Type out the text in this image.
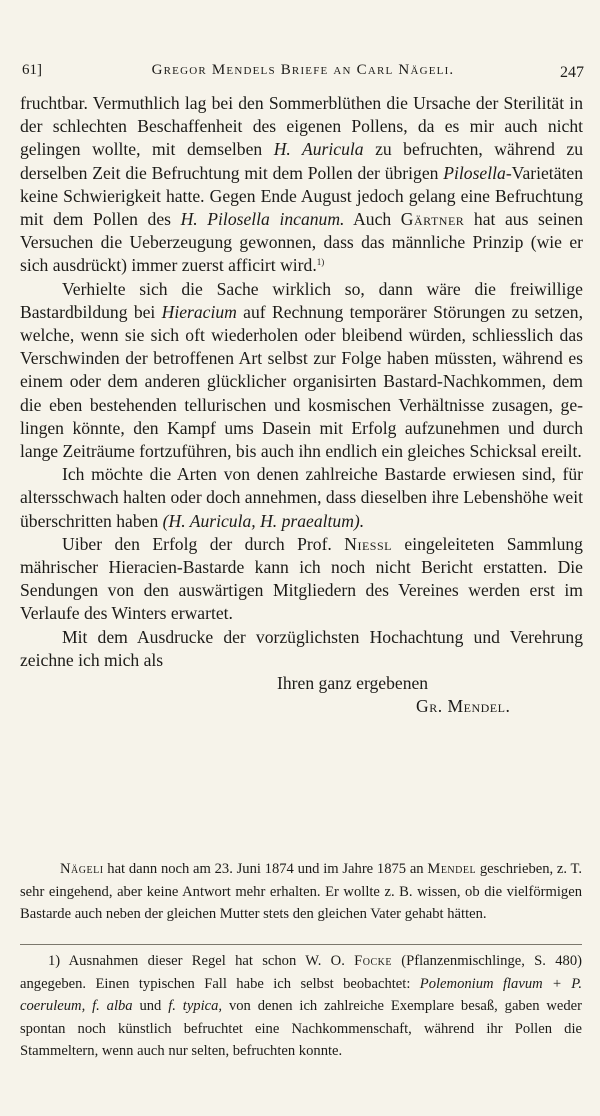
61]	Gregor Mendels Briefe an Carl Nägeli.	247

fruchtbar. Vermuthlich lag bei den Sommerblüthen die Ursache der Sterilität in der schlechten Beschaffenheit des eigenen Pollens, da es mir auch nicht gelingen wollte, mit demselben H. Auricula zu befruchten, während zu derselben Zeit die Befruchtung mit dem Pollen der übrigen Pilosella-Varietäten keine Schwierigkeit hatte. Gegen Ende August jedoch gelang eine Befruchtung mit dem Pollen des H. Pilosella incanum. Auch Gärtner hat aus seinen Versuchen die Ueberzeugung gewonnen, dass das männliche Prinzip (wie er sich ausdrückt) immer zuerst afficirt wird.$^{1)}$

Verhielte sich die Sache wirklich so, dann wäre die freiwillige Bastardbildung bei Hieracium auf Rechnung temporärer Störungen zu setzen, welche, wenn sie sich oft wiederholen oder bleibend würden, schliesslich das Verschwinden der betroffenen Art selbst zur Folge haben müssten, während es einem oder dem anderen glücklicher organisirten Bastard-Nachkommen, dem die eben bestehenden tellurischen und kosmischen Verhältnisse zusagen, gelingen könnte, den Kampf ums Dasein mit Erfolg aufzunehmen und durch lange Zeiträume fortzuführen, bis auch ihn endlich ein gleiches Schicksal ereilt.

Ich möchte die Arten von denen zahlreiche Bastarde erwiesen sind, für altersschwach halten oder doch annehmen, dass dieselben ihre Lebenshöhe weit überschritten haben (H. Auricula, H. praealtum).

Uiber den Erfolg der durch Prof. Niessl eingeleiteten Sammlung mährischer Hieracien-Bastarde kann ich noch nicht Bericht erstatten. Die Sendungen von den auswärtigen Mitgliedern des Vereines werden erst im Verlaufe des Winters erwartet.

Mit dem Ausdrucke der vorzüglichsten Hochachtung und Verehrung zeichne ich mich als

Ihren ganz ergebenen

Gr. Mendel.

Nägeli hat dann noch am 23. Juni 1874 und im Jahre 1875 an Mendel geschrieben, z. T. sehr eingehend, aber keine Antwort mehr erhalten. Er wollte z. B. wissen, ob die vielförmigen Bastarde auch neben der gleichen Mutter stets den gleichen Vater gehabt hätten.

1) Ausnahmen dieser Regel hat schon W. O. Focke (Pflanzenmischlinge, S. 480) angegeben. Einen typischen Fall habe ich selbst beobachtet: Polemonium flavum + P. coeruleum, f. alba und f. typica, von denen ich zahlreiche Exemplare besaß, gaben weder spontan noch künstlich befruchtet eine Nachkommenschaft, während ihr Pollen die Stammeltern, wenn auch nur selten, befruchten konnte.
